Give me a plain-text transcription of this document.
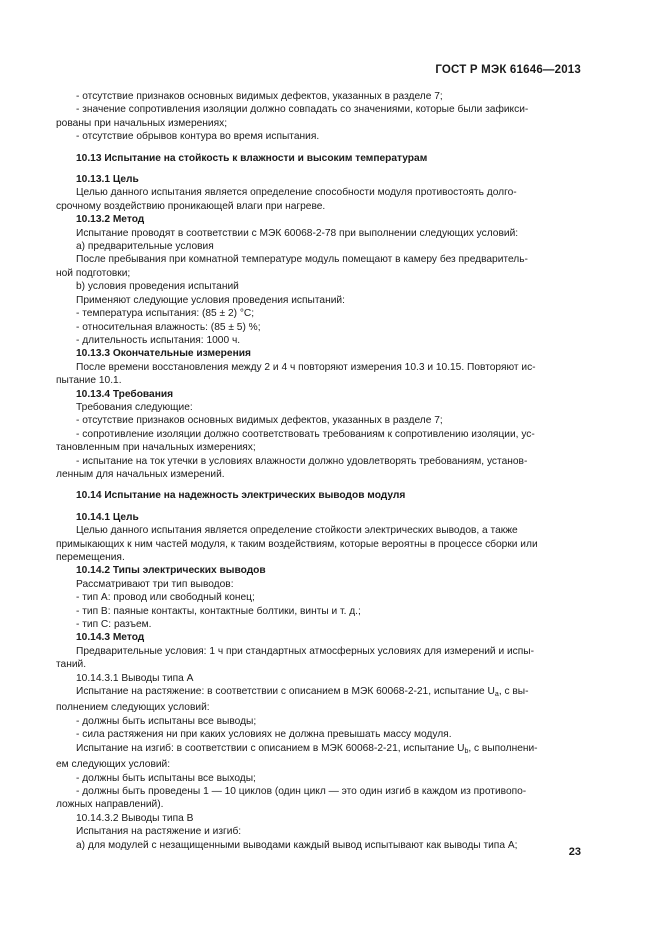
ГОСТ Р МЭК 61646—2013

- отсутствие признаков основных видимых дефектов, указанных в разделе 7;

- значение сопротивления изоляции должно совпадать со значениями, которые были зафикси-

рованы при начальных измерениях;

- отсутствие обрывов контура во время испытания.

10.13 Испытание на стойкость к влажности и высоким температурам

10.13.1 Цель

Целью данного испытания является определение способности модуля противостоять долго-

срочному воздействию проникающей влаги при нагреве.

10.13.2 Метод

Испытание проводят в соответствии с МЭК 60068-2-78 при выполнении следующих условий:

а) предварительные условия

После пребывания при комнатной температуре модуль помещают в камеру без предваритель-

ной подготовки;

b) условия проведения испытаний

Применяют следующие условия проведения испытаний:

- температура испытания: (85 ± 2) °С;

- относительная влажность: (85 ± 5) %;

- длительность испытания: 1000 ч.

10.13.3 Окончательные измерения

После времени восстановления между 2 и 4 ч повторяют измерения 10.3 и 10.15. Повторяют ис-

пытание 10.1.

10.13.4 Требования

Требования следующие:

- отсутствие признаков основных видимых дефектов, указанных в разделе 7;

- сопротивление изоляции должно соответствовать требованиям к сопротивлению изоляции, ус-

тановленным при начальных измерениях;

- испытание на ток утечки в условиях влажности должно удовлетворять требованиям, установ-

ленным для начальных измерений.

10.14 Испытание на надежность электрических выводов модуля

10.14.1 Цель

Целью данного испытания является определение стойкости электрических выводов, а также

примыкающих к ним частей модуля, к таким воздействиям, которые вероятны в процессе сборки или

перемещения.

10.14.2 Типы электрических выводов

Рассматривают три тип выводов:

- тип А: провод или свободный конец;

- тип В: паяные контакты, контактные болтики, винты и т. д.;

- тип С: разъем.

10.14.3 Метод

Предварительные условия: 1 ч при стандартных атмосферных условиях для измерений и испы-

таний.

10.14.3.1 Выводы типа А

Испытание на растяжение: в соответствии с описанием в МЭК 60068-2-21, испытание $U_a$, с вы-

полнением следующих условий:

- должны быть испытаны все выводы;

- сила растяжения ни при каких условиях не должна превышать массу модуля.

Испытание на изгиб: в соответствии с описанием в МЭК 60068-2-21, испытание $U_b$, с выполнени-

ем следующих условий:

- должны быть испытаны все выходы;

- должны быть проведены 1 — 10 циклов (один цикл — это один изгиб в каждом из противопо-

ложных направлений).

10.14.3.2 Выводы типа В

Испытания на растяжение и изгиб:

а) для модулей с незащищенными выводами каждый вывод испытывают как выводы типа А;

23
